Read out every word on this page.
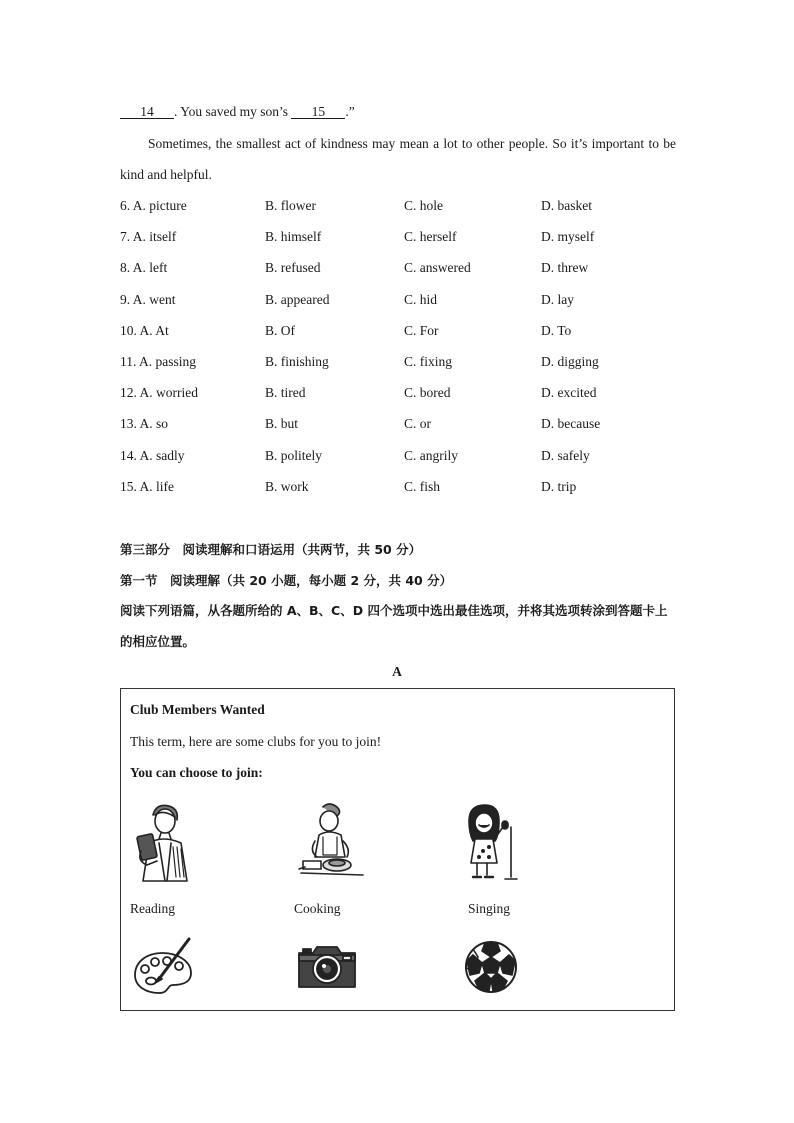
14 . You saved my son’s 15 .”
Sometimes, the smallest act of kindness may mean a lot to other people. So it’s important to be kind and helpful.
6. A. picture	B. flower	C. hole	D. basket
7. A. itself	B. himself	C. herself	D. myself
8. A. left	B. refused	C. answered	D. threw
9. A. went	B. appeared	C. hid	D. lay
10. A. At	B. Of	C. For	D. To
11. A. passing	B. finishing	C. fixing	D. digging
12. A. worried	B. tired	C. bored	D. excited
13. A. so	B. but	C. or	D. because
14. A. sadly	B. politely	C. angrily	D. safely
15. A. life	B. work	C. fish	D. trip
第三部分　阅读理解和口语运用（共两节，共 50 分）
第一节　阅读理解（共 20 小题，每小题 2 分，共 40 分）
阅读下列语篇，从各题所给的 A、B、C、D 四个选项中选出最佳选项，并将其选项转涂到答题卡上的相应位置。
A
Club Members Wanted
This term, here are some clubs for you to join!
You can choose to join:
Reading	Cooking	Singing
